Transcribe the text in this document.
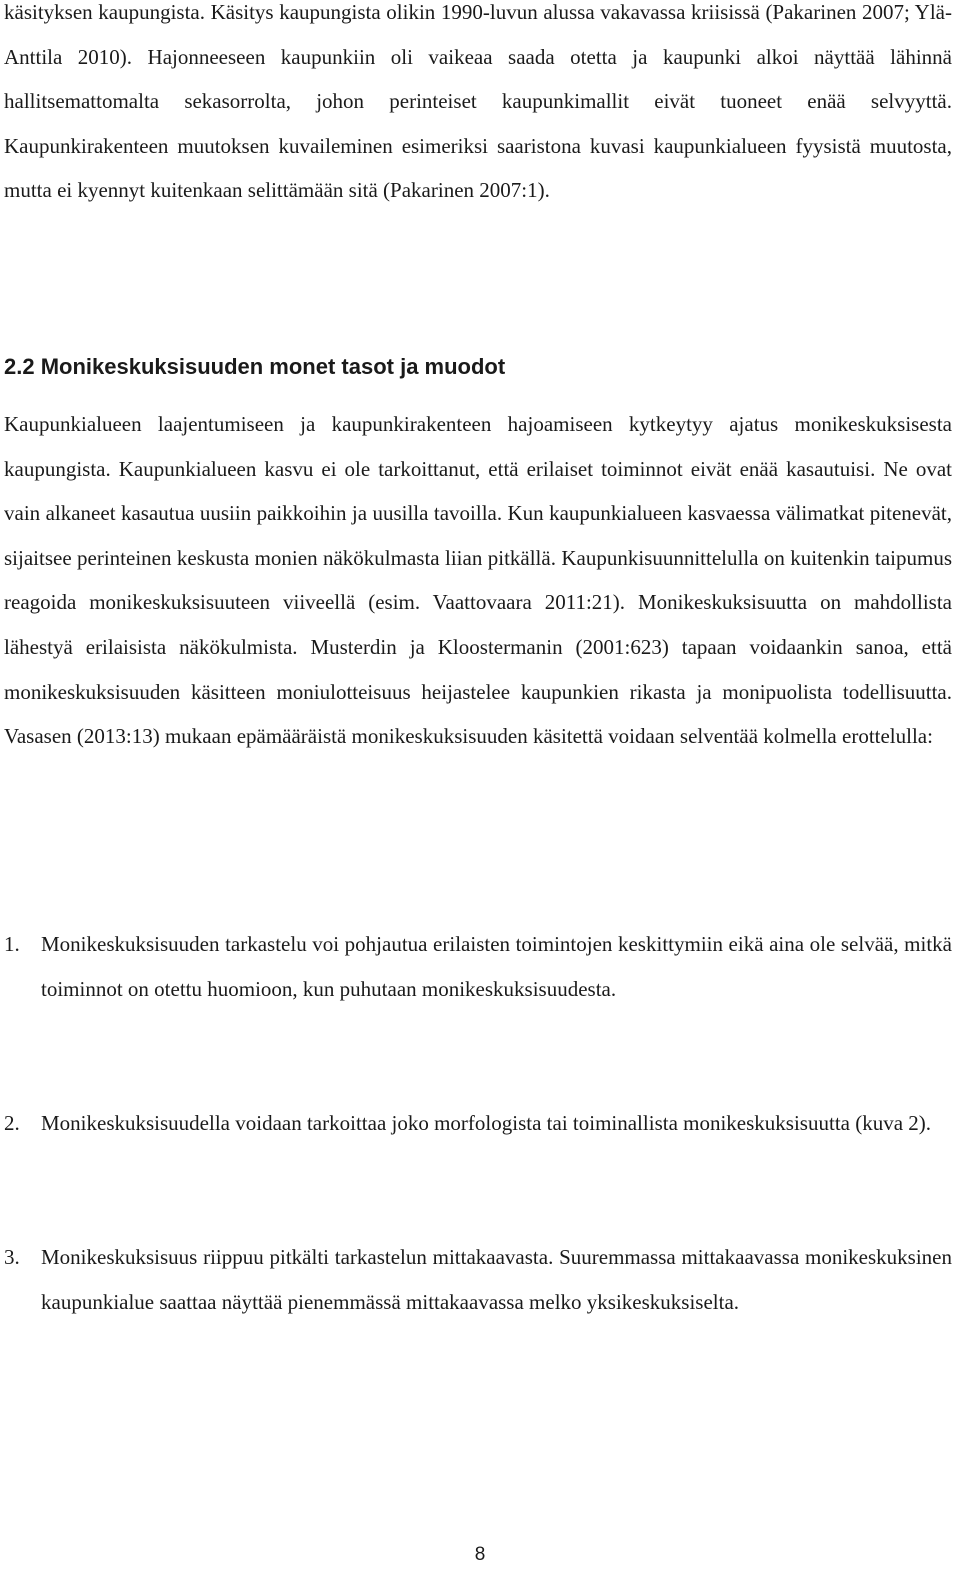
käsityksen kaupungista. Käsitys kaupungista olikin 1990-luvun alussa vakavassa kriisissä (Pakarinen 2007; Ylä-Anttila 2010). Hajonneeseen kaupunkiin oli vaikeaa saada otetta ja kaupunki alkoi näyttää lähinnä hallitsemattomalta sekasorrolta, johon perinteiset kaupunkimallit eivät tuoneet enää selvyyttä. Kaupunkirakenteen muutoksen kuvaileminen esimeriksi saaristona kuvasi kaupunkialueen fyysistä muutosta, mutta ei kyennyt kuitenkaan selittämään sitä (Pakarinen 2007:1).

2.2 Monikeskuksisuuden monet tasot ja muodot

Kaupunkialueen laajentumiseen ja kaupunkirakenteen hajoamiseen kytkeytyy ajatus monikeskuksisesta kaupungista. Kaupunkialueen kasvu ei ole tarkoittanut, että erilaiset toiminnot eivät enää kasautuisi. Ne ovat vain alkaneet kasautua uusiin paikkoihin ja uusilla tavoilla. Kun kaupunkialueen kasvaessa välimatkat pitenevät, sijaitsee perinteinen keskusta monien näkökulmasta liian pitkällä. Kaupunkisuunnittelulla on kuitenkin taipumus reagoida monikeskuksisuuteen viiveellä (esim. Vaattovaara 2011:21). Monikeskuksisuutta on mahdollista lähestyä erilaisista näkökulmista. Musterdin ja Kloostermanin (2001:623) tapaan voidaankin sanoa, että monikeskuksisuuden käsitteen moniulotteisuus heijastelee kaupunkien rikasta ja monipuolista todellisuutta. Vasasen (2013:13) mukaan epämääräistä monikeskuksisuuden käsitettä voidaan selventää kolmella erottelulla:

1. Monikeskuksisuuden tarkastelu voi pohjautua erilaisten toimintojen keskittymiin eikä aina ole selvää, mitkä toiminnot on otettu huomioon, kun puhutaan monikeskuksisuudesta.

2. Monikeskuksisuudella voidaan tarkoittaa joko morfologista tai toiminallista monikeskuksisuutta (kuva 2).

3. Monikeskuksisuus riippuu pitkälti tarkastelun mittakaavasta. Suuremmassa mittakaavassa monikeskuksinen kaupunkialue saattaa näyttää pienemmässä mittakaavassa melko yksikeskuksiselta.

8
